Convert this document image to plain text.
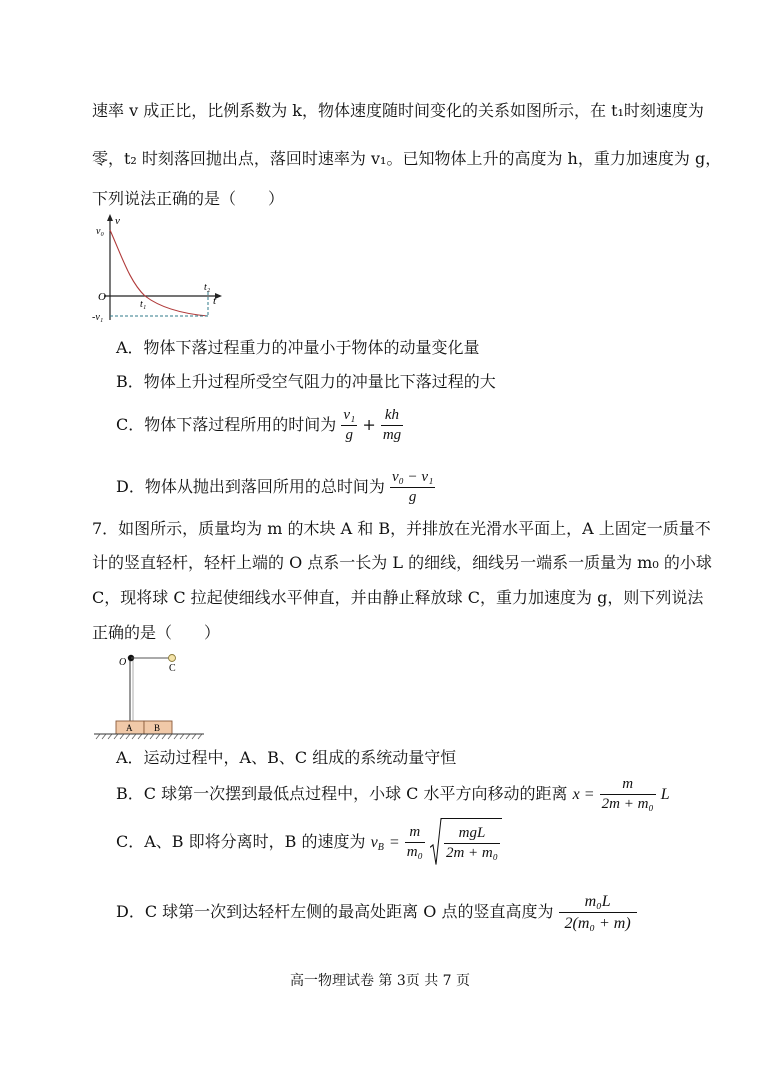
速率 v 成正比，比例系数为 k，物体速度随时间变化的关系如图所示，在 t₁时刻速度为
零，t₂ 时刻落回抛出点，落回时速率为 v₁。已知物体上升的高度为 h，重力加速度为 g，
下列说法正确的是（　　）
v
v₀
O
t₁
t₂
t
-v₁
A．物体下落过程重力的冲量小于物体的动量变化量
B．物体上升过程所受空气阻力的冲量比下落过程的大
C．物体下落过程所用的时间为 $\frac{\text{v₁}}{g} + \frac{kh}{mg}$
D．物体从抛出到落回所用的总时间为 $\frac{\text{v₀ − v₁}}{g}$
7．如图所示，质量均为 m 的木块 A 和 B，并排放在光滑水平面上，A 上固定一质量不
计的竖直轻杆，轻杆上端的 O 点系一长为 L 的细线，细线另一端系一质量为 m₀ 的小球
C，现将球 C 拉起使细线水平伸直，并由静止释放球 C，重力加速度为 g，则下列说法
正确的是（　　）
O
C
A B
A．运动过程中，A、B、C 组成的系统动量守恒
B．C 球第一次摆到最低点过程中，小球 C 水平方向移动的距离 $x = \frac{m}{\text{2m + m₀}}$ L
C．A、B 即将分离时，B 的速度为 $v_B = \frac{m}{\text{m₀}}$
$\frac{\text{mgL}}{\text{2m + m₀}}$
D．C 球第一次到达轻杆左侧的最高处距离 O 点的竖直高度为 $\frac{\text{m₀L}}{\text{2(m₀ + m)}}$
高一物理试卷 第 3页 共 7 页
